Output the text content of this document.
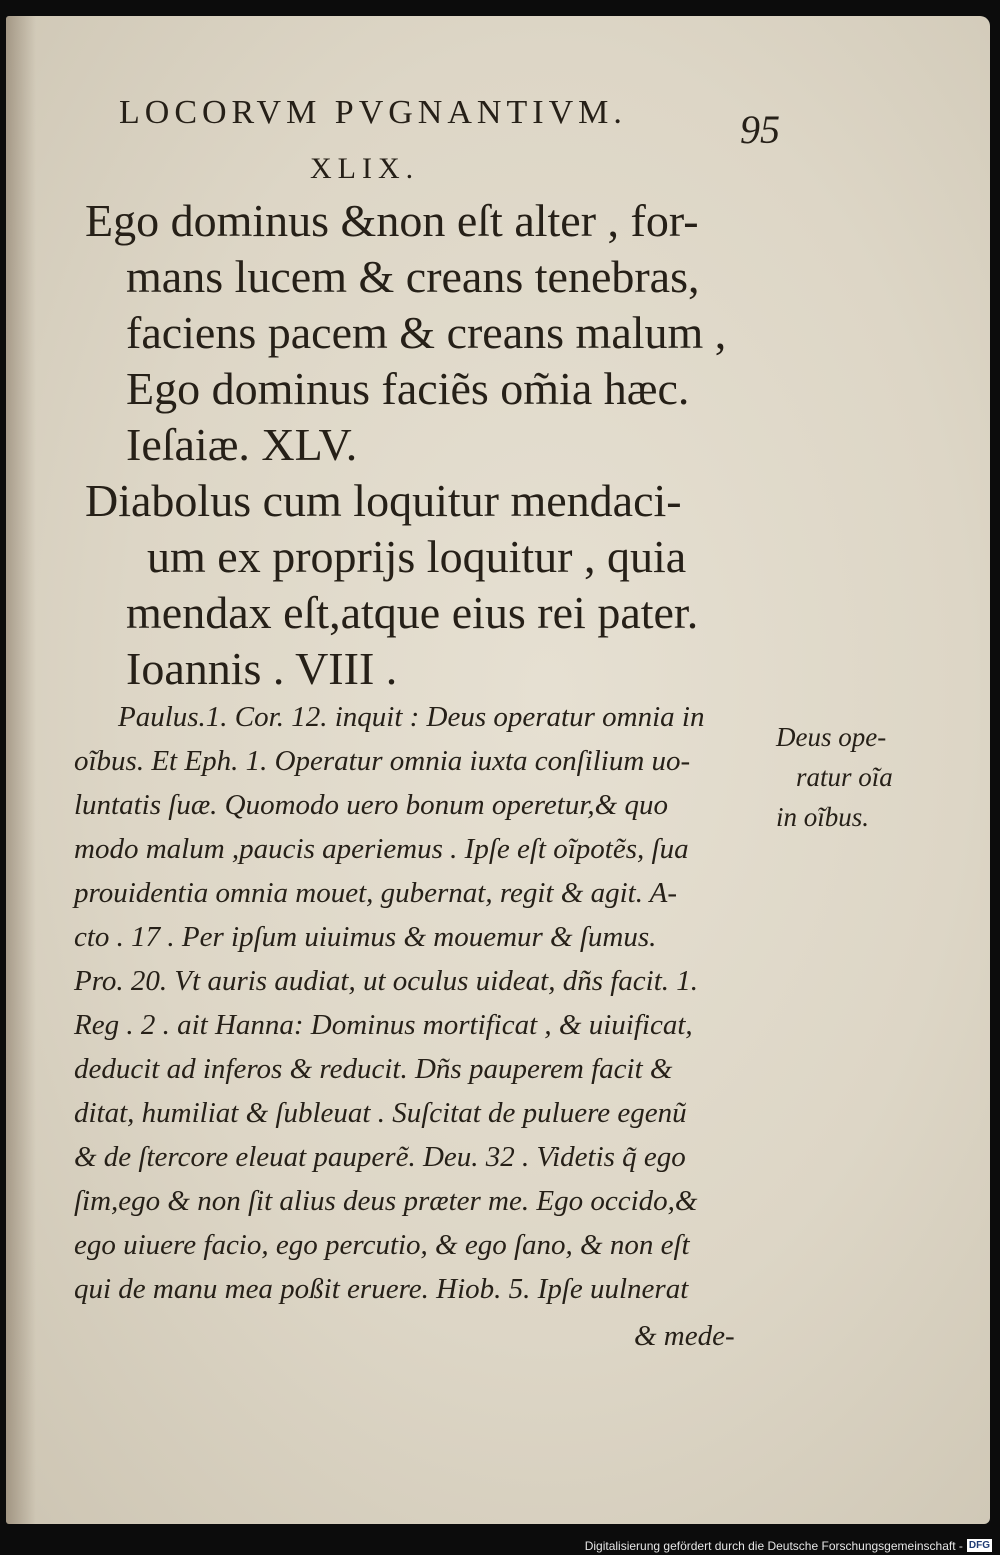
LOCORVM PVGNANTIVM.	95
XLIX.
Ego dominus &non eſt alter , for-
mans lucem & creans tenebras,
faciens pacem & creans malum ,
Ego dominus faciẽs om̃ia hæc.
Ieſaiæ. XLV.
Diabolus cum loquitur mendaci-
um ex proprijs loquitur , quia
mendax eſt,atque eius rei pater.
Ioannis . VIII .
Paulus.1. Cor. 12. inquit : Deus operatur omnia in
oĩbus. Et Eph. 1. Operatur omnia iuxta conſilium uo-
luntatis ſuæ. Quomodo uero bonum operetur,& quo
modo malum ,paucis aperiemus . Ipſe eſt oĩpotẽs, ſua
prouidentia omnia mouet, gubernat, regit & agit. A-
cto . 17 . Per ipſum uiuimus & mouemur & ſumus.
Pro. 20. Vt auris audiat, ut oculus uideat, dñs facit. 1.
Reg . 2 . ait Hanna: Dominus mortificat , & uiuificat,
deducit ad inferos & reducit. Dñs pauperem facit &
ditat, humiliat & ſubleuat . Suſcitat de puluere egenũ
& de ſtercore eleuat pauperẽ. Deu. 32 . Videtis q̃ ego
ſim,ego & non ſit alius deus præter me. Ego occido,&
ego uiuere facio, ego percutio, & ego ſano, & non eſt
qui de manu mea poßit eruere. Hiob. 5. Ipſe uulnerat
& mede-
Deus ope-
ratur oĩa
in oĩbus.
Digitalisierung gefördert durch die Deutsche Forschungsgemeinschaft - DFG
